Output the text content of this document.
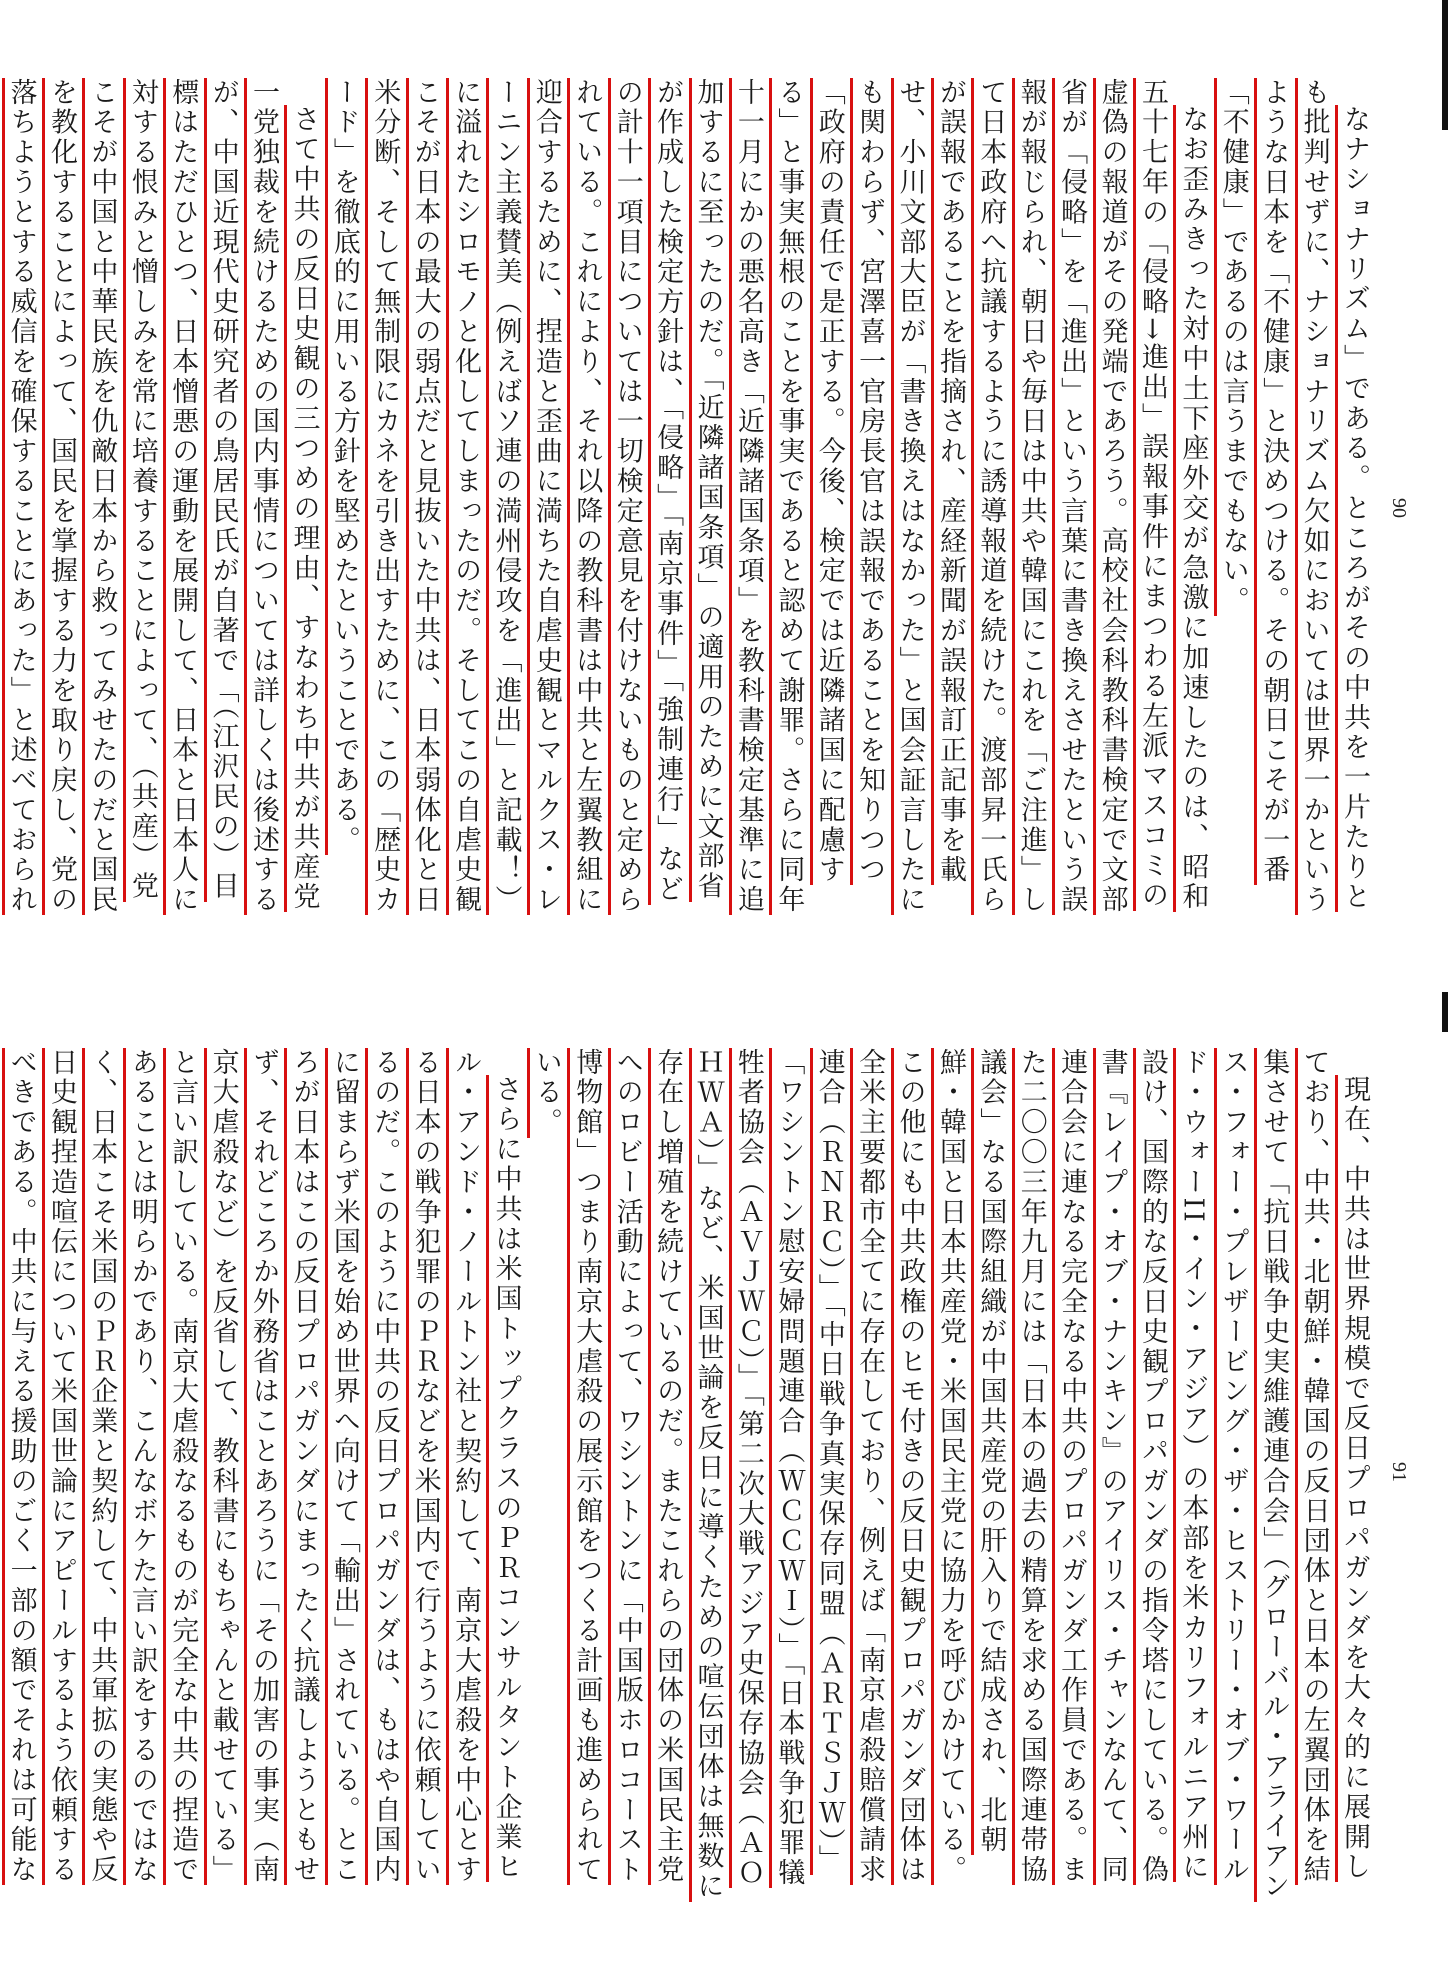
なナショナリズム」である。ところがその中共を一片たりとも批判せずに、ナショナリズム欠如においては世界一かというような日本を「不健康」と決めつける。その朝日こそが一番「不健康」であるのは言うまでもない。

なお歪みきった対中土下座外交が急激に加速したのは、昭和五十七年の「侵略→進出」誤報事件にまつわる左派マスコミの虚偽の報道がその発端であろう。高校社会科教科書検定で文部省が「侵略」を「進出」という言葉に書き換えさせたという誤報が報じられ、朝日や毎日は中共や韓国にこれを「ご注進」して日本政府へ抗議するように誘導報道を続けた。渡部昇一氏らが誤報であることを指摘され、産経新聞が誤報訂正記事を載せ、小川文部大臣が「書き換えはなかった」と国会証言したにも関わらず、宮澤喜一官房長官は誤報であることを知りつつ「政府の責任で是正する。今後、検定では近隣諸国に配慮する」と事実無根のことを事実であると認めて謝罪。さらに同年十一月にかの悪名高き「近隣諸国条項」を教科書検定基準に追加するに至ったのだ。「近隣諸国条項」の適用のために文部省が作成した検定方針は、「侵略」「南京事件」「強制連行」などの計十一項目については一切検定意見を付けないものと定められている。これにより、それ以降の教科書は中共と左翼教組に迎合するために、捏造と歪曲に満ちた自虐史観とマルクス・レーニン主義賛美（例えばソ連の満州侵攻を「進出」と記載！）に溢れたシロモノと化してしまったのだ。そしてこの自虐史観こそが日本の最大の弱点だと見抜いた中共は、日本弱体化と日米分断、そして無制限にカネを引き出すために、この「歴史カード」を徹底的に用いる方針を堅めたということである。

さて中共の反日史観の三つめの理由、すなわち中共が共産党一党独裁を続けるための国内事情については詳しくは後述するが、中国近現代史研究者の鳥居民氏が自著で「（江沢民の）目標はただひとつ、日本憎悪の運動を展開して、日本と日本人に対する恨みと憎しみを常に培養することによって、（共産）党こそが中国と中華民族を仇敵日本から救ってみせたのだと国民を教化することによって、国民を掌握する力を取り戻し、党の落ちようとする威信を確保することにあった」と述べておられ

90

現在、中共は世界規模で反日プロパガンダを大々的に展開しており、中共・北朝鮮・韓国の反日団体と日本の左翼団体を結集させて「抗日戦争史実維護連合会」（グローバル・アライアンス・フォー・プレザービング・ザ・ヒストリー・オブ・ワールド・ウォーII・イン・アジア）の本部を米カリフォルニア州に設け、国際的な反日史観プロパガンダの指令塔にしている。偽書『レイプ・オブ・ナンキン』のアイリス・チャンなんて、同連合会に連なる完全なる中共のプロパガンダ工作員である。また二〇〇三年九月には「日本の過去の精算を求める国際連帯協議会」なる国際組織が中国共産党の肝入りで結成され、北朝鮮・韓国と日本共産党・米国民主党に協力を呼びかけている。この他にも中共政権のヒモ付きの反日史観プロパガンダ団体は全米主要都市全てに存在しており、例えば「南京虐殺賠償請求連合（ＲＮＲＣ）」「中日戦争真実保存同盟（ＡＲＴＳＪＷ）」「ワシントン慰安婦問題連合（ＷＣＣＷＩ）」「日本戦争犯罪犠牲者協会（ＡＶＪＷＣ）」「第二次大戦アジア史保存協会（ＡＯＨＷＡ）」など、米国世論を反日に導くための喧伝団体は無数に存在し増殖を続けているのだ。またこれらの団体の米国民主党へのロビー活動によって、ワシントンに「中国版ホロコースト博物館」つまり南京大虐殺の展示館をつくる計画も進められている。

さらに中共は米国トップクラスのＰＲコンサルタント企業ヒル・アンド・ノールトン社と契約して、南京大虐殺を中心とする日本の戦争犯罪のＰＲなどを米国内で行うように依頼しているのだ。このように中共の反日プロパガンダは、もはや自国内に留まらず米国を始め世界へ向けて「輸出」されている。ところが日本はこの反日プロパガンダにまったく抗議しようともせず、それどころか外務省はことあろうに「その加害の事実（南京大虐殺など）を反省して、教科書にもちゃんと載せている」と言い訳している。南京大虐殺なるものが完全な中共の捏造であることは明らかであり、こんなボケた言い訳をするのではなく、日本こそ米国のＰＲ企業と契約して、中共軍拡の実態や反日史観捏造喧伝について米国世論にアピールするよう依頼するべきである。中共に与える援助のごく一部の額でそれは可能な

91
